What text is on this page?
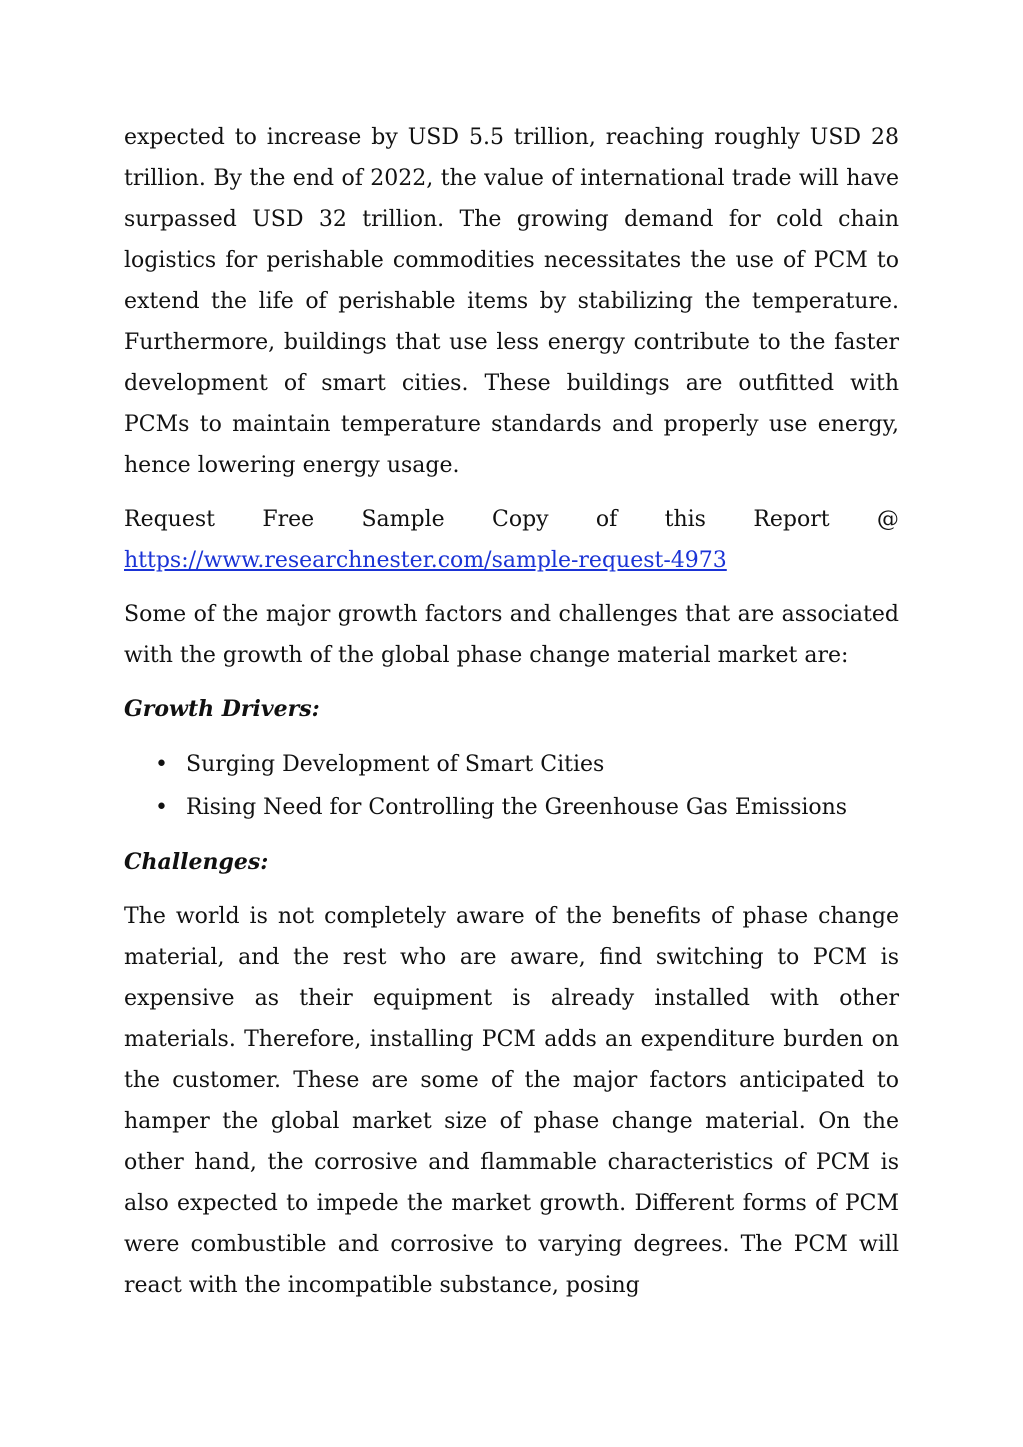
expected to increase by USD 5.5 trillion, reaching roughly USD 28 trillion. By the end of 2022, the value of international trade will have surpassed USD 32 trillion. The growing demand for cold chain logistics for perishable commodities necessitates the use of PCM to extend the life of perishable items by stabilizing the temperature. Furthermore, buildings that use less energy contribute to the faster development of smart cities. These buildings are outfitted with PCMs to maintain temperature standards and properly use energy, hence lowering energy usage.

Request Free Sample Copy of this Report @
https://www.researchnester.com/sample-request-4973

Some of the major growth factors and challenges that are associated with the growth of the global phase change material market are:

Growth Drivers:
• Surging Development of Smart Cities
• Rising Need for Controlling the Greenhouse Gas Emissions
Challenges:

The world is not completely aware of the benefits of phase change material, and the rest who are aware, find switching to PCM is expensive as their equipment is already installed with other materials. Therefore, installing PCM adds an expenditure burden on the customer. These are some of the major factors anticipated to hamper the global market size of phase change material. On the other hand, the corrosive and flammable characteristics of PCM is also expected to impede the market growth. Different forms of PCM were combustible and corrosive to varying degrees. The PCM will react with the incompatible substance, posing
